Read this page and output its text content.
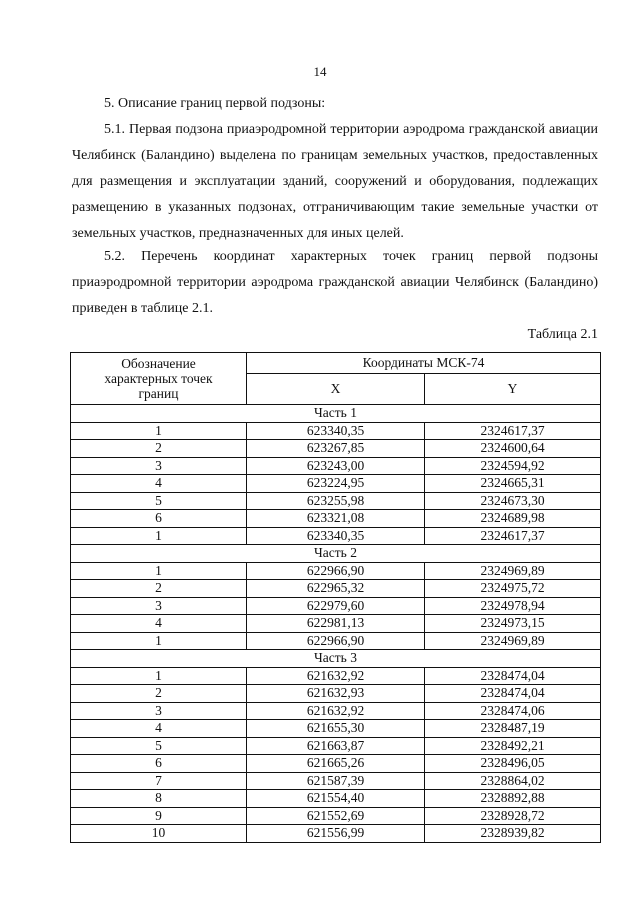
14
5. Описание границ первой подзоны:

5.1. Первая подзона приаэродромной территории аэродрома гражданской авиации Челябинск (Баландино) выделена по границам земельных участков, предоставленных для размещения и эксплуатации зданий, сооружений и оборудования, подлежащих размещению в указанных подзонах, отграничивающим такие земельные участки от земельных участков, предназначенных для иных целей.

5.2. Перечень координат характерных точек границ первой подзоны приаэродромной территории аэродрома гражданской авиации Челябинск (Баландино) приведен в таблице 2.1.

Таблица 2.1
Обозначение
характерных точек
границ	Координаты МСК-74	
	X	Y
Часть 1		
1	623340,35	2324617,37
2	623267,85	2324600,64
3	623243,00	2324594,92
4	623224,95	2324665,31
5	623255,98	2324673,30
6	623321,08	2324689,98
1	623340,35	2324617,37
Часть 2		
1	622966,90	2324969,89
2	622965,32	2324975,72
3	622979,60	2324978,94
4	622981,13	2324973,15
1	622966,90	2324969,89
Часть 3		
1	621632,92	2328474,04
2	621632,93	2328474,04
3	621632,92	2328474,06
4	621655,30	2328487,19
5	621663,87	2328492,21
6	621665,26	2328496,05
7	621587,39	2328864,02
8	621554,40	2328892,88
9	621552,69	2328928,72
10	621556,99	2328939,82
